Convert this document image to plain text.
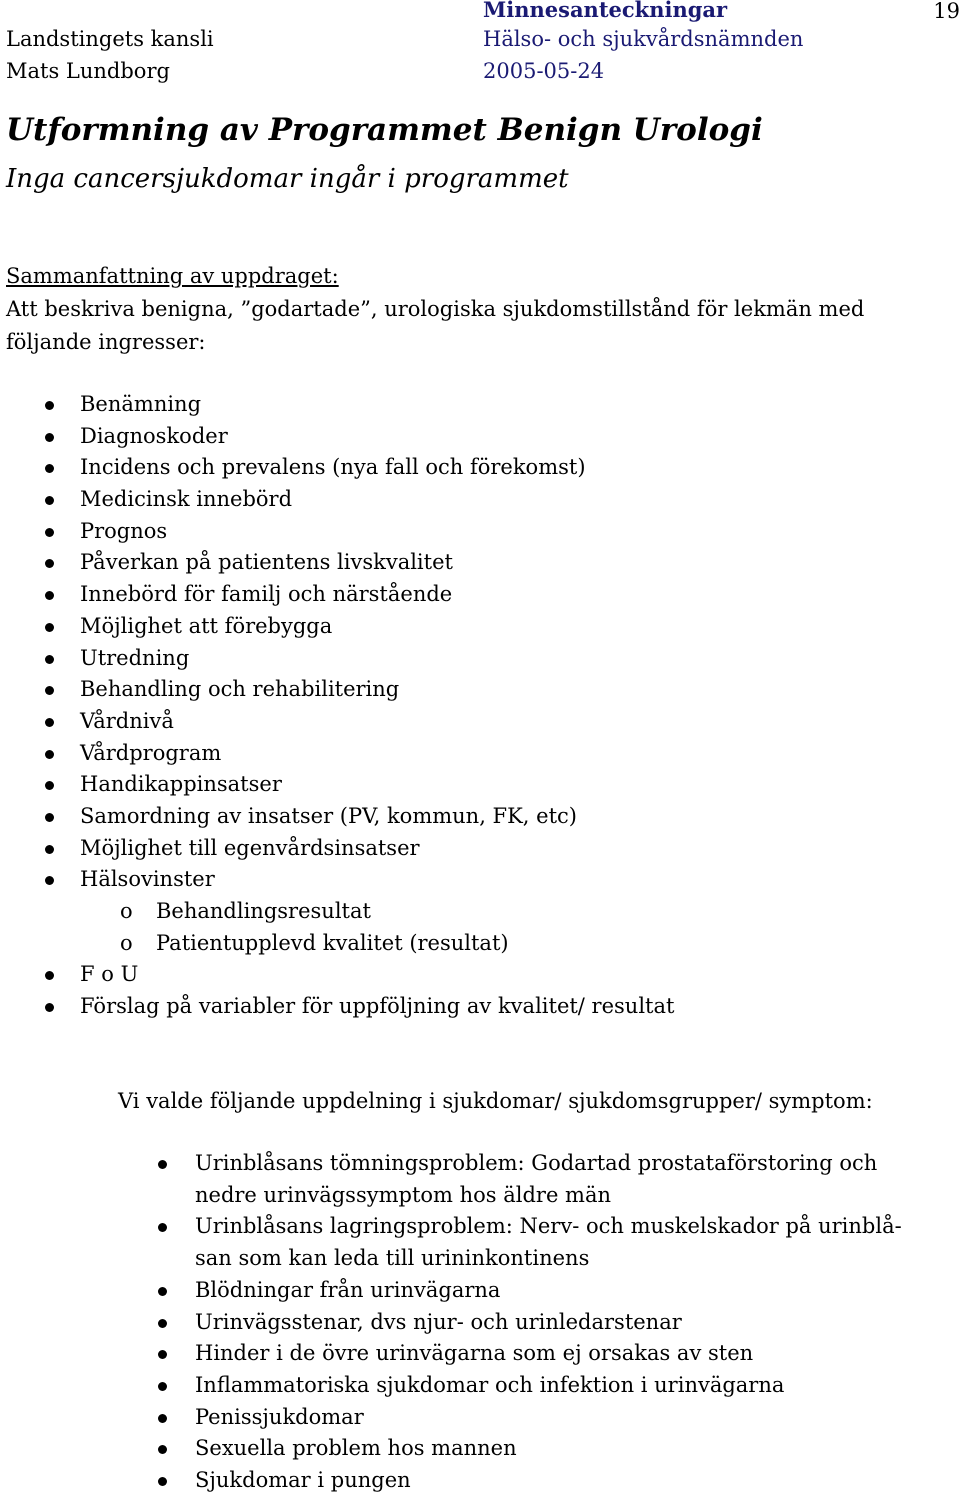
Landstingets kansli
Mats Lundborg
Minnesanteckningar
Hälso- och sjukvårdsnämnden
2005-05-24
19
Utformning av Programmet Benign Urologi
Inga cancersjukdomar ingår i programmet
Sammanfattning av uppdraget:
Att beskriva benigna, ”godartade”, urologiska sjukdomstillstånd för lekmän med
följande ingresser:
Benämning
Diagnoskoder
Incidens och prevalens (nya fall och förekomst)
Medicinsk innebörd
Prognos
Påverkan på patientens livskvalitet
Innebörd för familj och närstående
Möjlighet att förebygga
Utredning
Behandling och rehabilitering
Vårdnivå
Vårdprogram
Handikappinsatser
Samordning av insatser (PV, kommun, FK, etc)
Möjlighet till egenvårdsinsatser
Hälsovinster
o Behandlingsresultat
o Patientupplevd kvalitet (resultat)
F o U
Förslag på variabler för uppföljning av kvalitet/ resultat
Vi valde följande uppdelning i sjukdomar/ sjukdomsgrupper/ symptom:
Urinblåsans tömningsproblem: Godartad prostataförstoring och
nedre urinvägssymptom hos äldre män
Urinblåsans lagringsproblem: Nerv- och muskelskador på urinblå-
san som kan leda till urininkontinens
Blödningar från urinvägarna
Urinvägsstenar, dvs njur- och urinledarstenar
Hinder i de övre urinvägarna som ej orsakas av sten
Inflammatoriska sjukdomar och infektion i urinvägarna
Penissjukdomar
Sexuella problem hos mannen
Sjukdomar i pungen
